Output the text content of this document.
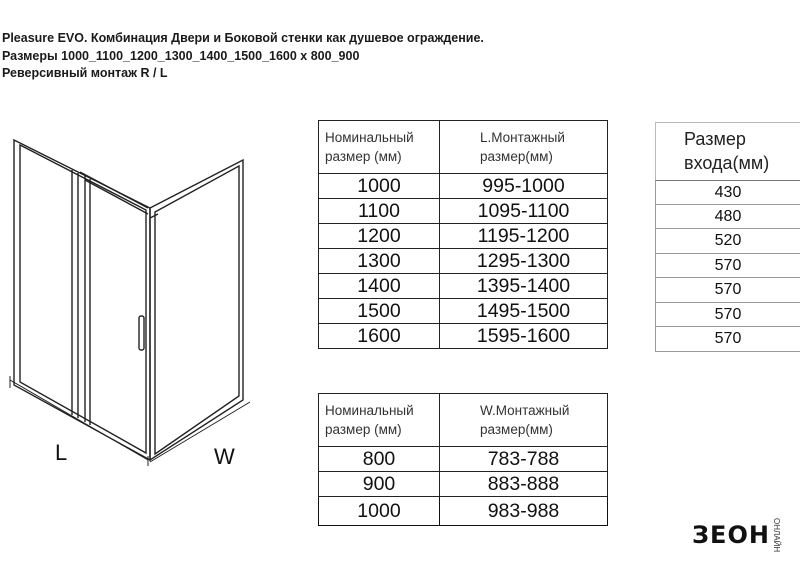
Pleasure EVO. Комбинация Двери и Боковой стенки как душевое ограждение.
Размеры 1000_1100_1200_1300_1400_1500_1600 x 800_900
Реверсивный монтаж R / L
L	W
Номинальный размер (мм)	L.Монтажный размер(мм)
1000	995-1000
1100	1095-1100
1200	1195-1200
1300	1295-1300
1400	1395-1400
1500	1495-1500
1600	1595-1600
Номинальный размер (мм)	W.Монтажный размер(мм)
800	783-788
900	883-888
1000	983-988
Размер входа(мм)
430
480
520
570
570
570
570
ЗЕОН ОНЛАЙН
